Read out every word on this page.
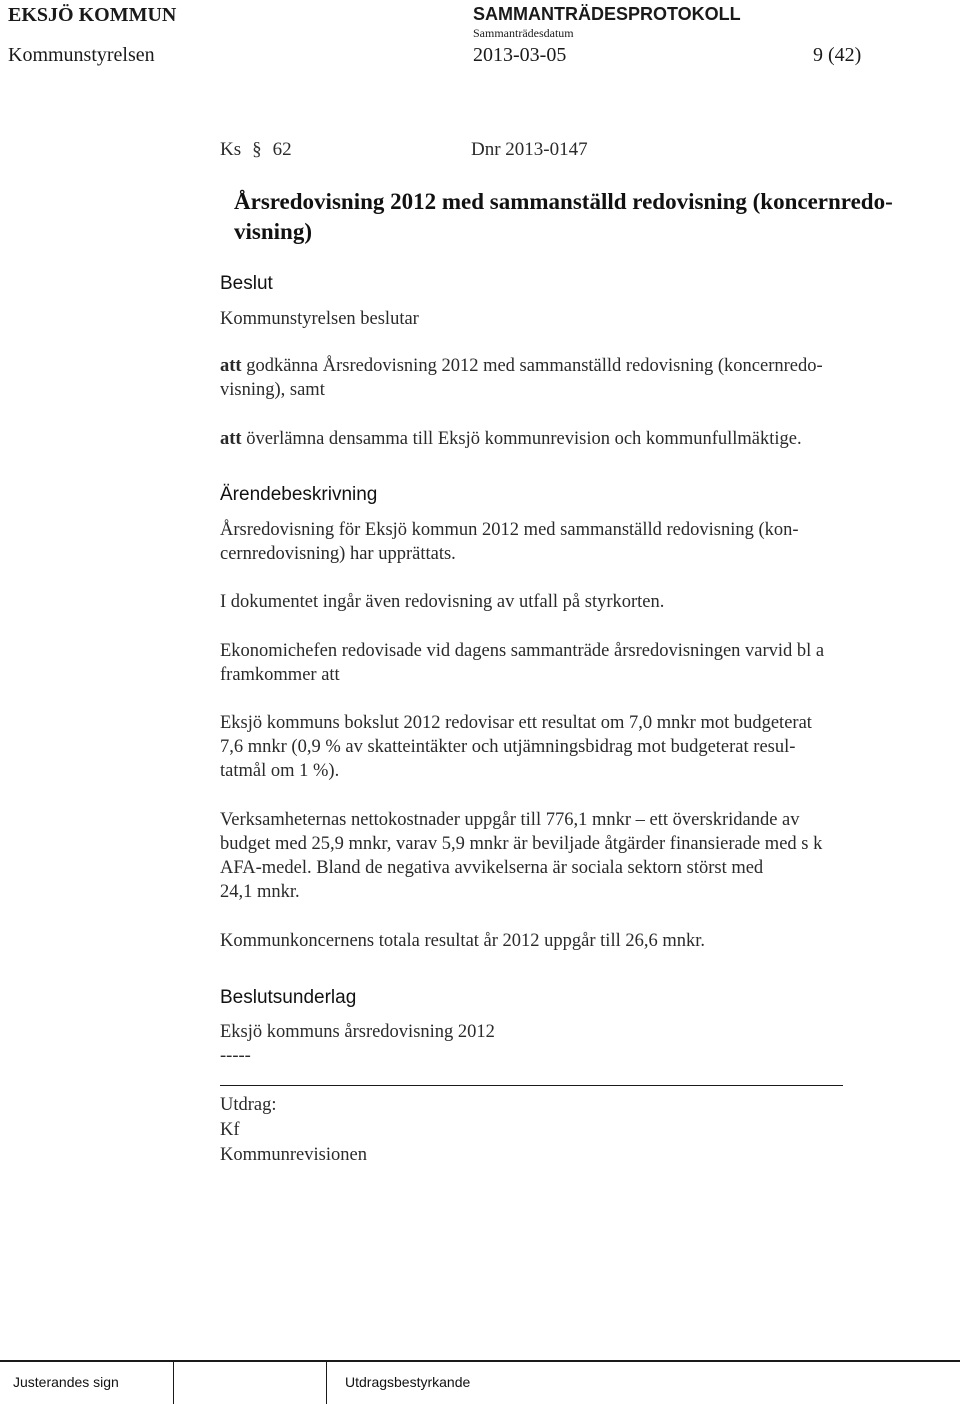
EKSJÖ KOMMUN	SAMMANTRÄDESPROTOKOLL
Sammanträdesdatum
Kommunstyrelsen	2013-03-05	9 (42)
Ks § 62	Dnr 2013-0147
Årsredovisning 2012 med sammanställd redovisning (koncernredo-
visning)
Beslut
Kommunstyrelsen beslutar
att godkänna Årsredovisning 2012 med sammanställd redovisning (koncernredo-
visning), samt
att överlämna densamma till Eksjö kommunrevision och kommunfullmäktige.
Ärendebeskrivning
Årsredovisning för Eksjö kommun 2012 med sammanställd redovisning (kon-
cernredovisning) har upprättats.
I dokumentet ingår även redovisning av utfall på styrkorten.
Ekonomichefen redovisade vid dagens sammanträde årsredovisningen varvid bl a
framkommer att
Eksjö kommuns bokslut 2012 redovisar ett resultat om 7,0 mnkr mot budgeterat
7,6 mnkr (0,9 % av skatteintäkter och utjämningsbidrag mot budgeterat resul-
tatmål om 1 %).
Verksamheternas nettokostnader uppgår till 776,1 mnkr – ett överskridande av
budget med 25,9 mnkr, varav 5,9 mnkr är beviljade åtgärder finansierade med s k
AFA-medel. Bland de negativa avvikelserna är sociala sektorn störst med
24,1 mnkr.
Kommunkoncernens totala resultat år 2012 uppgår till 26,6 mnkr.
Beslutsunderlag
Eksjö kommuns årsredovisning 2012
-----
Utdrag:
Kf
Kommunrevisionen
Justerandes sign	Utdragsbestyrkande
